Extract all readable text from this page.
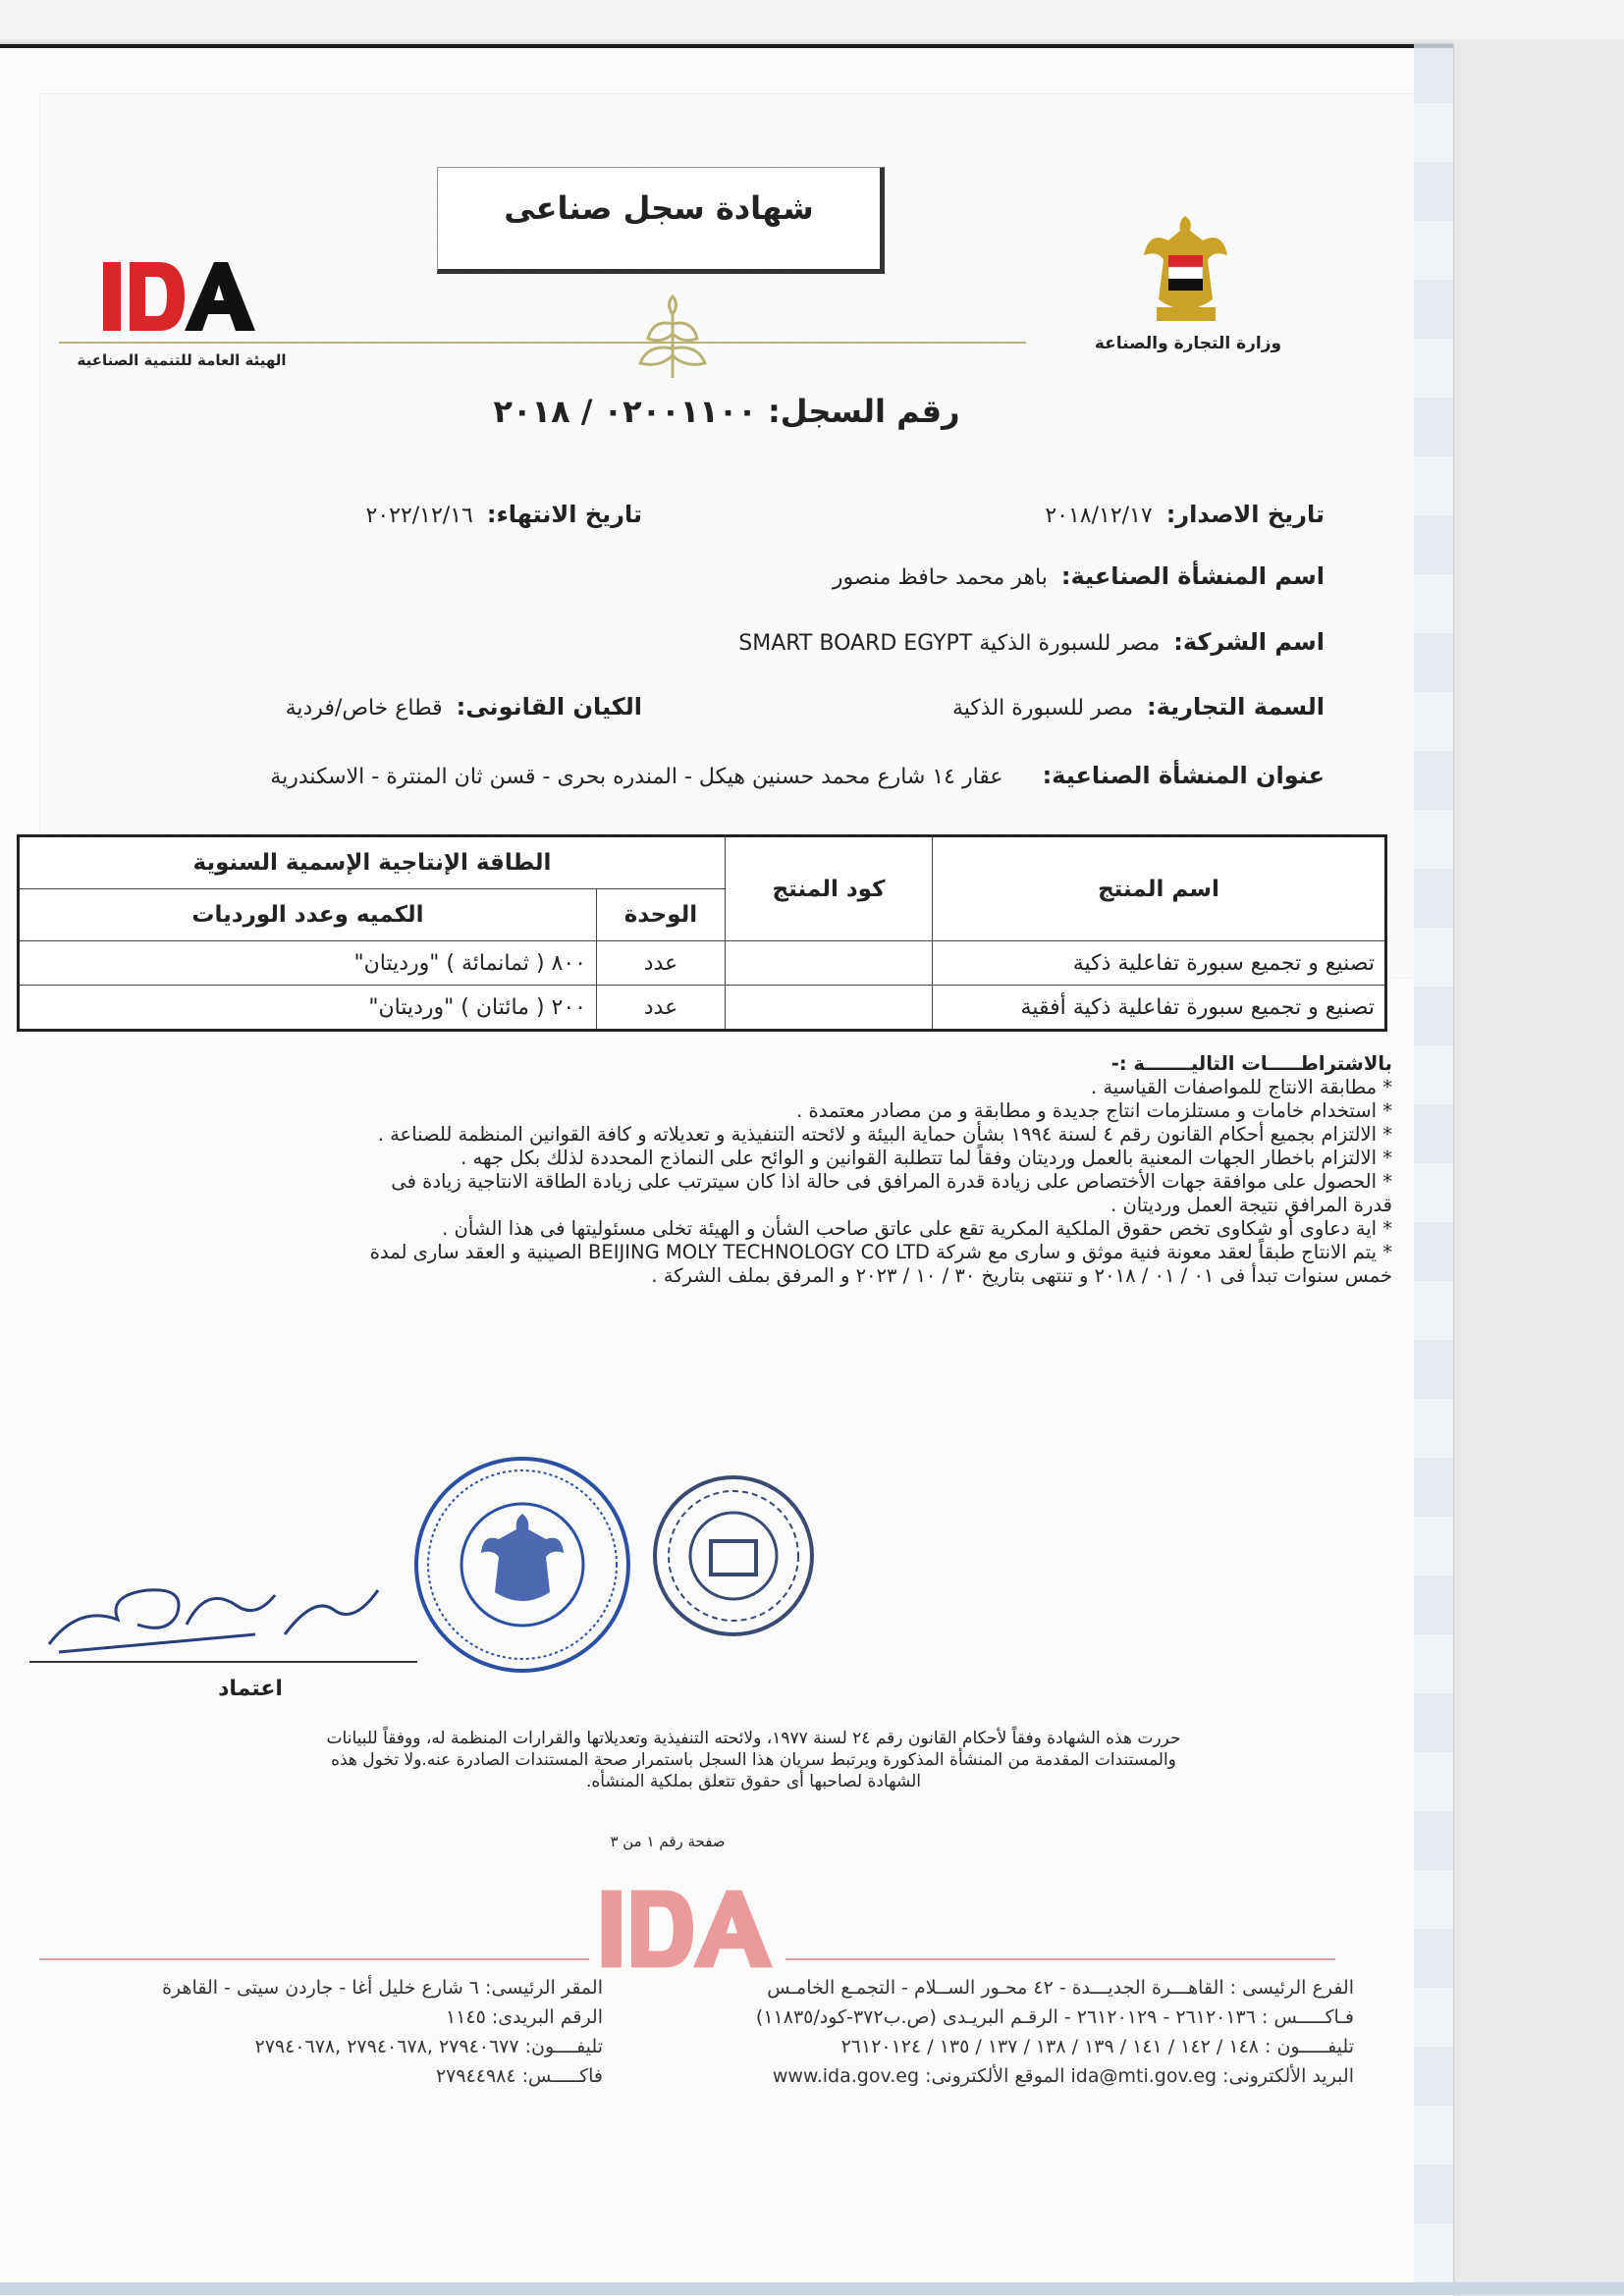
شهادة سجل صناعى
الهيئة العامة للتنمية الصناعية
وزارة التجارة والصناعة
رقم السجل: ٠٢٠٠١١٠٠ / ٢٠١٨
تاريخ الاصدار:٢٠١٨/١٢/١٧
تاريخ الانتهاء:٢٠٢٢/١٢/١٦
اسم المنشأة الصناعية:باهر محمد حافظ منصور
اسم الشركة:مصر للسبورة الذكية SMART BOARD EGYPT
السمة التجارية:مصر للسبورة الذكية
الكيان القانونى:قطاع خاص/فردية
عنوان المنشأة الصناعية:عقار ١٤ شارع محمد حسنين هيكل - المندره بحرى - قسن ثان المنترة - الاسكندرية
اسم المنتج	كود المنتج	الطاقة الإنتاجية الإسمية السنوية	
		الوحدة	الكميه وعدد الورديات
تصنيع و تجميع سبورة تفاعلية ذكية		عدد	٨٠٠ ( ثمانمائة ) "ورديتان"
تصنيع و تجميع سبورة تفاعلية ذكية أفقية		عدد	٢٠٠ ( مائتان ) "ورديتان"
بالاشتراطـــــات التاليـــــــة :-
* مطابقة الانتاج للمواصفات القياسية .
* استخدام خامات و مستلزمات انتاج جديدة و مطابقة و من مصادر معتمدة .
* الالتزام بجميع أحكام القانون رقم ٤ لسنة ١٩٩٤ بشأن حماية البيئة و لائحته التنفيذية و تعديلاته و كافة القوانين المنظمة للصناعة .
* الالتزام باخطار الجهات المعنية بالعمل ورديتان وفقاً لما تتطلبة القوانين و الوائح على النماذج المحددة لذلك بكل جهه .
* الحصول على موافقة جهات الأختصاص على زيادة قدرة المرافق فى حالة اذا كان سيترتب على زيادة الطاقة الانتاجية زيادة فى
قدرة المرافق نتيجة العمل ورديتان .
* اية دعاوى أو شكاوى تخص حقوق الملكية المكرية تقع على عاتق صاحب الشأن و الهيئة تخلى مسئوليتها فى هذا الشأن .
* يتم الانتاج طبقاً لعقد معونة فنية موثق و سارى مع شركة BEIJING MOLY TECHNOLOGY CO LTD الصينية و العقد سارى لمدة
خمس سنوات تبدأ فى ٠١ / ٠١ / ٢٠١٨ و تنتهى بتاريخ ٣٠ / ١٠ / ٢٠٢٣ و المرفق بملف الشركة .
اعتماد
حررت هذه الشهادة وفقاً لأحكام القانون رقم ٢٤ لسنة ١٩٧٧، ولائحته التنفيذية وتعديلاتها والقرارات المنظمة له، ووفقاً للبيانات والمستندات المقدمة من المنشأة المذكورة ويرتبط سريان هذا السجل باستمرار صحة المستندات الصادرة عنه.ولا تخول هذه الشهادة لصاحبها أى حقوق تتعلق بملكية المنشأه.
صفحة رقم ١ من ٣
الفرع الرئيسى : القاهـــرة الجديـــدة - ٤٢ محـور الســلام - التجمـع الخامـس
فـاكـــــس : ٢٦١٢٠١٣٦ - ٢٦١٢٠١٢٩ - الرقـم البريـدى (ص.ب٣٧٢-كود/١١٨٣٥)
تليفـــــون : ١٤٨ / ١٤٢ / ١٤١ / ١٣٩ / ١٣٨ / ١٣٧ / ١٣٥ / ٢٦١٢٠١٢٤
البريد الألكترونى: ida@mti.gov.eg الموقع الألكترونى: www.ida.gov.eg
المقر الرئيسى: ٦ شارع خليل أغا - جاردن سيتى - القاهرة
الرقم البريدى: ١١٤٥
تليفــــون: ٢٧٩٤٠٦٧٧ ,٢٧٩٤٠٦٧٨ ,٢٧٩٤٠٦٧٨
فاكـــــس: ٢٧٩٤٤٩٨٤
